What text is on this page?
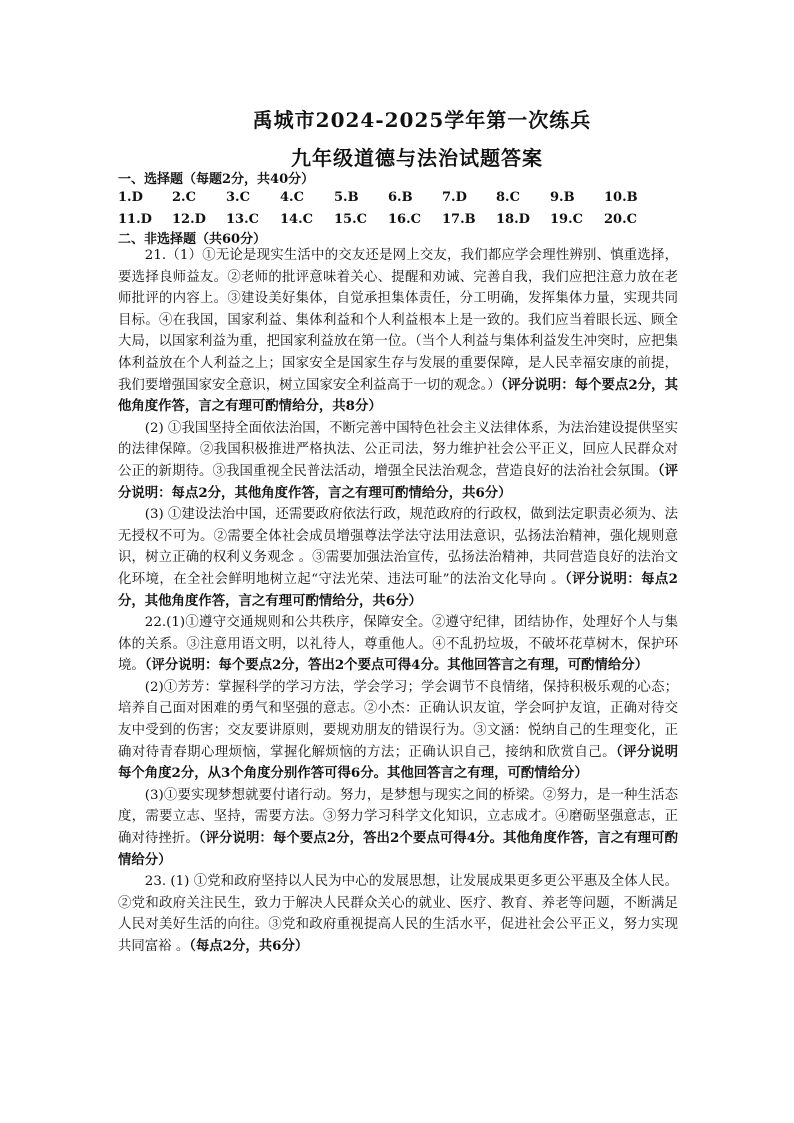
禹城市2024-2025学年第一次练兵
九年级道德与法治试题答案
一、选择题（每题2分，共40分）
1.D	2.C	3.C	4.C	5.B	6.B	7.D	8.C	9.B	10.B
11.D	12.D	13.C	14.C	15.C	16.C	17.B	18.D	19.C	20.C
二、非选择题（共60分）

21.（1）①无论是现实生活中的交友还是网上交友，我们都应学会理性辨别、慎重选择，要选择良师益友。②老师的批评意味着关心、提醒和劝诫、完善自我，我们应把注意力放在老师批评的内容上。③建设美好集体，自觉承担集体责任，分工明确，发挥集体力量，实现共同目标。④在我国，国家利益、集体利益和个人利益根本上是一致的。我们应当着眼长远、顾全大局，以国家利益为重，把国家利益放在第一位。（当个人利益与集体利益发生冲突时，应把集体利益放在个人利益之上；国家安全是国家生存与发展的重要保障，是人民幸福安康的前提，我们要增强国家安全意识，树立国家安全利益高于一切的观念。）（评分说明：每个要点2分，其他角度作答，言之有理可酌情给分，共8分）

(2) ①我国坚持全面依法治国，不断完善中国特色社会主义法律体系，为法治建设提供坚实的法律保障。②我国积极推进严格执法、公正司法，努力维护社会公平正义，回应人民群众对公正的新期待。③我国重视全民普法活动，增强全民法治观念，营造良好的法治社会氛围。（评分说明：每点2分，其他角度作答，言之有理可酌情给分，共6分）

(3) ①建设法治中国，还需要政府依法行政，规范政府的行政权，做到法定职责必须为、法无授权不可为。②需要全体社会成员增强尊法学法守法用法意识，弘扬法治精神，强化规则意识，树立正确的权利义务观念 。③需要加强法治宣传，弘扬法治精神，共同营造良好的法治文化环境，在全社会鲜明地树立起“守法光荣、违法可耻”的法治文化导向 。（评分说明：每点2分，其他角度作答，言之有理可酌情给分，共6分）

22.(1)①遵守交通规则和公共秩序，保障安全。②遵守纪律，团结协作，处理好个人与集体的关系。③注意用语文明，以礼待人，尊重他人。④不乱扔垃圾，不破坏花草树木，保护环境。（评分说明：每个要点2分，答出2个要点可得4分。其他回答言之有理，可酌情给分）

(2)①芳芳：掌握科学的学习方法，学会学习；学会调节不良情绪，保持积极乐观的心态；培养自己面对困难的勇气和坚强的意志。②小杰：正确认识友谊，学会呵护友谊，正确对待交友中受到的伤害；交友要讲原则，要规劝朋友的错误行为。③文涵：悦纳自己的生理变化，正确对待青春期心理烦恼，掌握化解烦恼的方法；正确认识自己，接纳和欣赏自己。（评分说明 每个角度2分，从3个角度分别作答可得6分。其他回答言之有理，可酌情给分）

(3)①要实现梦想就要付诸行动。努力，是梦想与现实之间的桥梁。②努力，是一种生活态度，需要立志、坚持，需要方法。③努力学习科学文化知识，立志成才。④磨砺坚强意志，正确对待挫折。（评分说明：每个要点2分，答出2个要点可得4分。其他角度作答，言之有理可酌情给分）

23. (1) ①党和政府坚持以人民为中心的发展思想，让发展成果更多更公平惠及全体人民。②党和政府关注民生，致力于解决人民群众关心的就业、医疗、教育、养老等问题，不断满足人民对美好生活的向往。③党和政府重视提高人民的生活水平，促进社会公平正义，努力实现共同富裕 。（每点2分，共6分）
